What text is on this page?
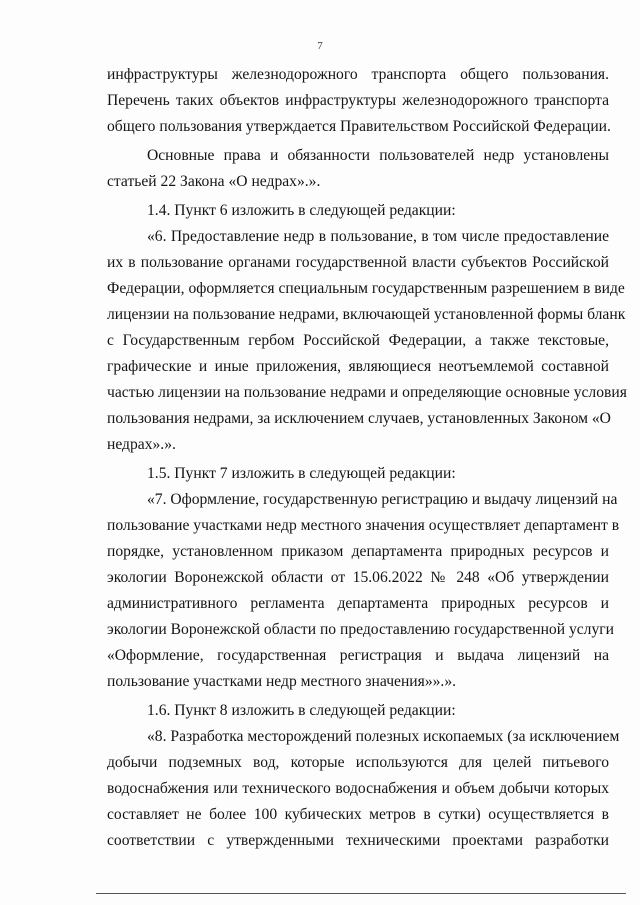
7
инфраструктуры железнодорожного транспорта общего пользования.
Перечень таких объектов инфраструктуры железнодорожного транспорта
общего пользования утверждается Правительством Российской Федерации.
Основные права и обязанности пользователей недр установлены
статьей 22 Закона «О недрах».».
1.4. Пункт 6 изложить в следующей редакции:
«6. Предоставление недр в пользование, в том числе предоставление
их в пользование органами государственной власти субъектов Российской
Федерации, оформляется специальным государственным разрешением в виде
лицензии на пользование недрами, включающей установленной формы бланк
с Государственным гербом Российской Федерации, а также текстовые,
графические и иные приложения, являющиеся неотъемлемой составной
частью лицензии на пользование недрами и определяющие основные условия
пользования недрами, за исключением случаев, установленных Законом «О
недрах».».
1.5. Пункт 7 изложить в следующей редакции:
«7. Оформление, государственную регистрацию и выдачу лицензий на
пользование участками недр местного значения осуществляет департамент в
порядке, установленном приказом департамента природных ресурсов и
экологии Воронежской области от 15.06.2022 № 248 «Об утверждении
административного регламента департамента природных ресурсов и
экологии Воронежской области по предоставлению государственной услуги
«Оформление, государственная регистрация и выдача лицензий на
пользование участками недр местного значения»».».
1.6. Пункт 8 изложить в следующей редакции:
«8. Разработка месторождений полезных ископаемых (за исключением
добычи подземных вод, которые используются для целей питьевого
водоснабжения или технического водоснабжения и объем добычи которых
составляет не более 100 кубических метров в сутки) осуществляется в
соответствии с утвержденными техническими проектами разработки
